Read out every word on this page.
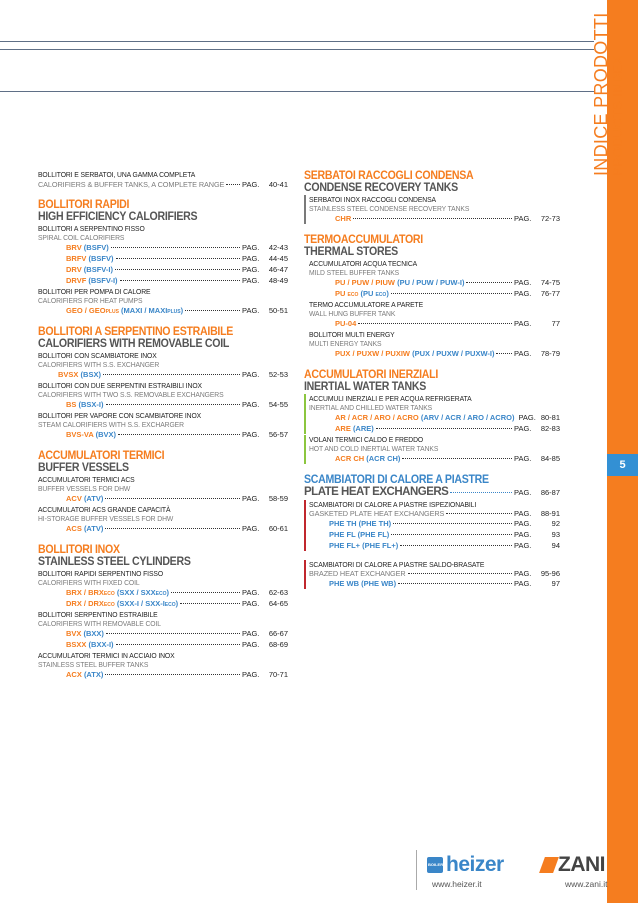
INDICE PRODOTTI PRODUCTS INDEX
5
BOLLITORI E SERBATOI, UNA GAMMA COMPLETA
CALORIFIERS & BUFFER TANKS, A COMPLETE RANGE PAG.	40-41
BOLLITORI RAPIDI
HIGH EFFICIENCY CALORIFIERS
BOLLITORI A SERPENTINO FISSO
SPIRAL COIL CALORIFIERS
BRV (BSFV)	PAG.	42-43
BRFV (BSFV)	PAG.	44-45
DRV (BSFV-I)	PAG.	46-47
DRVF (BSFV-I)	PAG.	48-49
BOLLITORI PER POMPA DI CALORE
CALORIFIERS FOR HEAT PUMPS
GEO / GEOPLUS (MAXI / MAXIPLUS)	PAG.	50-51
BOLLITORI A SERPENTINO ESTRAIBILE
CALORIFIERS WITH REMOVABLE COIL
BOLLITORI CON SCAMBIATORE INOX
CALORIFIERS WITH S.S. EXCHANGER
BVSX (BSX)	PAG.	52-53
BOLLITORI CON DUE SERPENTINI ESTRAIBILI INOX
CALORIFIERS WITH TWO S.S. REMOVABLE EXCHANGERS
BS (BSX-I)	PAG.	54-55
BOLLITORI PER VAPORE CON SCAMBIATORE INOX
STEAM CALORIFIERS WITH S.S. EXCHARGER
BVS-VA (BVX)	PAG.	56-57
ACCUMULATORI TERMICI
BUFFER VESSELS
ACCUMULATORI TERMICI ACS
BUFFER VESSELS FOR DHW
ACV (ATV)	PAG.	58-59
ACCUMULATORI ACS GRANDE CAPACITÀ
HI-STORAGE BUFFER VESSELS FOR DHW
ACS (ATV)	PAG.	60-61
BOLLITORI INOX
STAINLESS STEEL CYLINDERS
BOLLITORI RAPIDI SERPENTINO FISSO
CALORIFIERS WITH FIXED COIL
BRX / BRXECO (SXX / SXXECO)	PAG.	62-63
DRX / DRXECO (SXX-I / SXX-IECO)	PAG.	64-65
BOLLITORI SERPENTINO ESTRAIBILE
CALORIFIERS WITH REMOVABLE COIL
BVX (BXX)	PAG.	66-67
BSXX (BXX-I)	PAG.	68-69
ACCUMULATORI TERMICI IN ACCIAIO INOX
STAINLESS STEEL BUFFER TANKS
ACX (ATX)	PAG.	70-71
SERBATOI RACCOGLI CONDENSA
CONDENSE RECOVERY TANKS
SERBATOI INOX RACCOGLI CONDENSA
STAINLESS STEEL CONDENSE RECOVERY TANKS
CHR	PAG.	72-73
TERMOACCUMULATORI
THERMAL STORES
ACCUMULATORI ACQUA TECNICA
MILD STEEL BUFFER TANKS
PU / PUW / PIUW (PU / PUW / PUW-I)	PAG.	74-75
PU ECO (PU ECO)	PAG.	76-77
TERMO ACCUMULATORE A PARETE
WALL HUNG BUFFER TANK
PU-04	PAG.	77
BOLLITORI MULTI ENERGY
MULTI ENERGY TANKS
PUX / PUXW / PUXIW (PUX / PUXW / PUXW-I)	PAG.	78-79
ACCUMULATORI INERZIALI
INERTIAL WATER TANKS
ACCUMULI INERZIALI E PER ACQUA REFRIGERATA
INERTIAL AND CHILLED WATER TANKS
AR / ACR / ARO / ACRO (ARV / ACR / ARO / ACRO) PAG. 80-81
ARE (ARE)	PAG.	82-83
VOLANI TERMICI CALDO E FREDDO
HOT AND COLD INERTIAL WATER TANKS
ACR CH (ACR CH)	PAG.	84-85
SCAMBIATORI DI CALORE A PIASTRE
PLATE HEAT EXCHANGERS	PAG.	86-87
SCAMBIATORI DI CALORE A PIASTRE ISPEZIONABILI
GASKETED PLATE HEAT EXCHANGERS	PAG.	88-91
PHE TH (PHE TH)	PAG.	92
PHE FL (PHE FL)	PAG.	93
PHE FL+ (PHE FL+)	PAG.	94
SCAMBIATORI DI CALORE A PIASTRE SALDO-BRASATE
BRAZED HEAT EXCHANGER	PAG.	95-96
PHE WB (PHE WB)	PAG.	97
BOILERS heizer	ZANI
www.heizer.it	www.zani.it
